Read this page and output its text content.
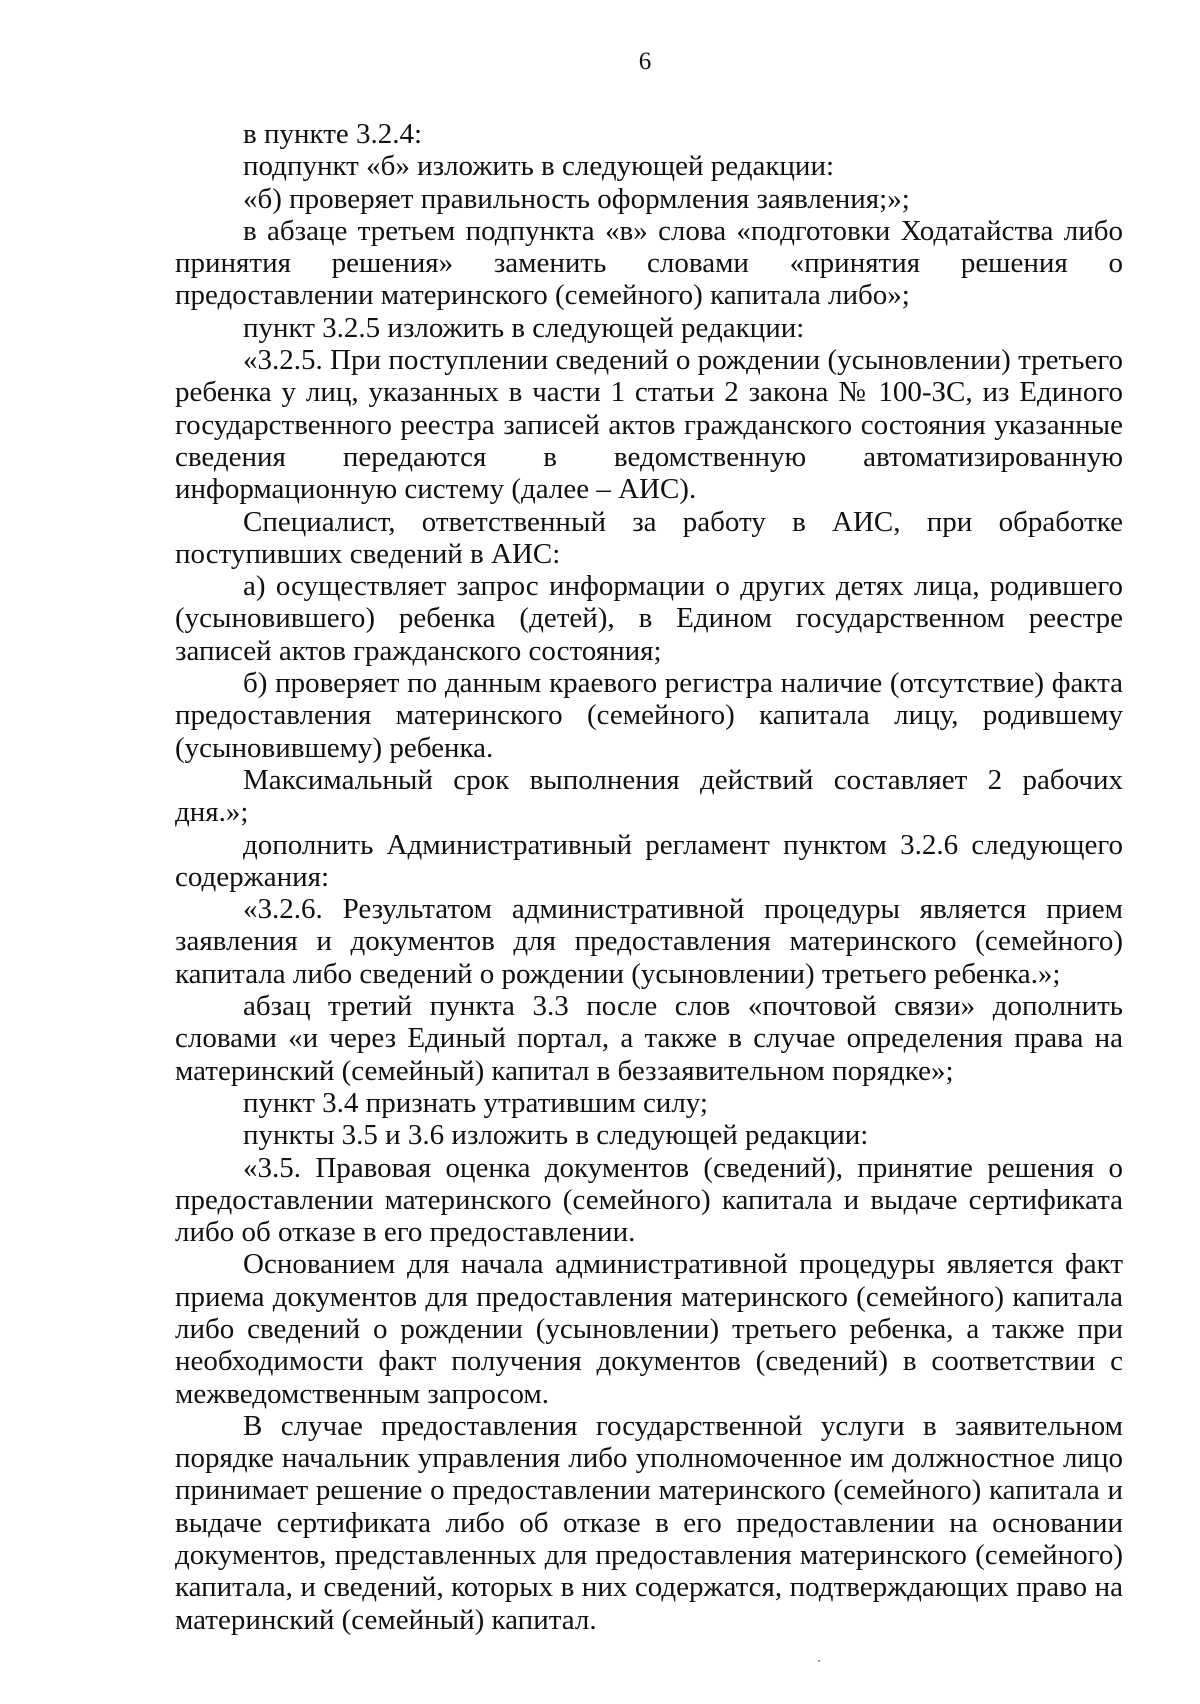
6

в пункте 3.2.4:

подпункт «б» изложить в следующей редакции:

«б) проверяет правильность оформления заявления;»;

в абзаце третьем подпункта «в» слова «подготовки Ходатайства либо принятия решения» заменить словами «принятия решения о предоставлении материнского (семейного) капитала либо»;

пункт 3.2.5 изложить в следующей редакции:

«3.2.5. При поступлении сведений о рождении (усыновлении) третьего ребенка у лиц, указанных в части 1 статьи 2 закона № 100-ЗС, из Единого государственного реестра записей актов гражданского состояния указанные сведения передаются в ведомственную автоматизированную информационную систему (далее – АИС).

Специалист, ответственный за работу в АИС, при обработке поступивших сведений в АИС:

а) осуществляет запрос информации о других детях лица, родившего (усыновившего) ребенка (детей), в Едином государственном реестре записей актов гражданского состояния;

б) проверяет по данным краевого регистра наличие (отсутствие) факта предоставления материнского (семейного) капитала лицу, родившему (усыновившему) ребенка.

Максимальный срок выполнения действий составляет 2 рабочих дня.»;

дополнить Административный регламент пунктом 3.2.6 следующего содержания:

«3.2.6. Результатом административной процедуры является прием заявления и документов для предоставления материнского (семейного) капитала либо сведений о рождении (усыновлении) третьего ребенка.»;

абзац третий пункта 3.3 после слов «почтовой связи» дополнить словами «и через Единый портал, а также в случае определения права на материнский (семейный) капитал в беззаявительном порядке»;

пункт 3.4 признать утратившим силу;

пункты 3.5 и 3.6 изложить в следующей редакции:

«3.5. Правовая оценка документов (сведений), принятие решения о предоставлении материнского (семейного) капитала и выдаче сертификата либо об отказе в его предоставлении.

Основанием для начала административной процедуры является факт приема документов для предоставления материнского (семейного) капитала либо сведений о рождении (усыновлении) третьего ребенка, а также при необходимости факт получения документов (сведений) в соответствии с межведомственным запросом.

В случае предоставления государственной услуги в заявительном порядке начальник управления либо уполномоченное им должностное лицо принимает решение о предоставлении материнского (семейного) капитала и выдаче сертификата либо об отказе в его предоставлении на основании документов, представленных для предоставления материнского (семейного) капитала, и сведений, которых в них содержатся, подтверждающих право на материнский (семейный) капитал.
